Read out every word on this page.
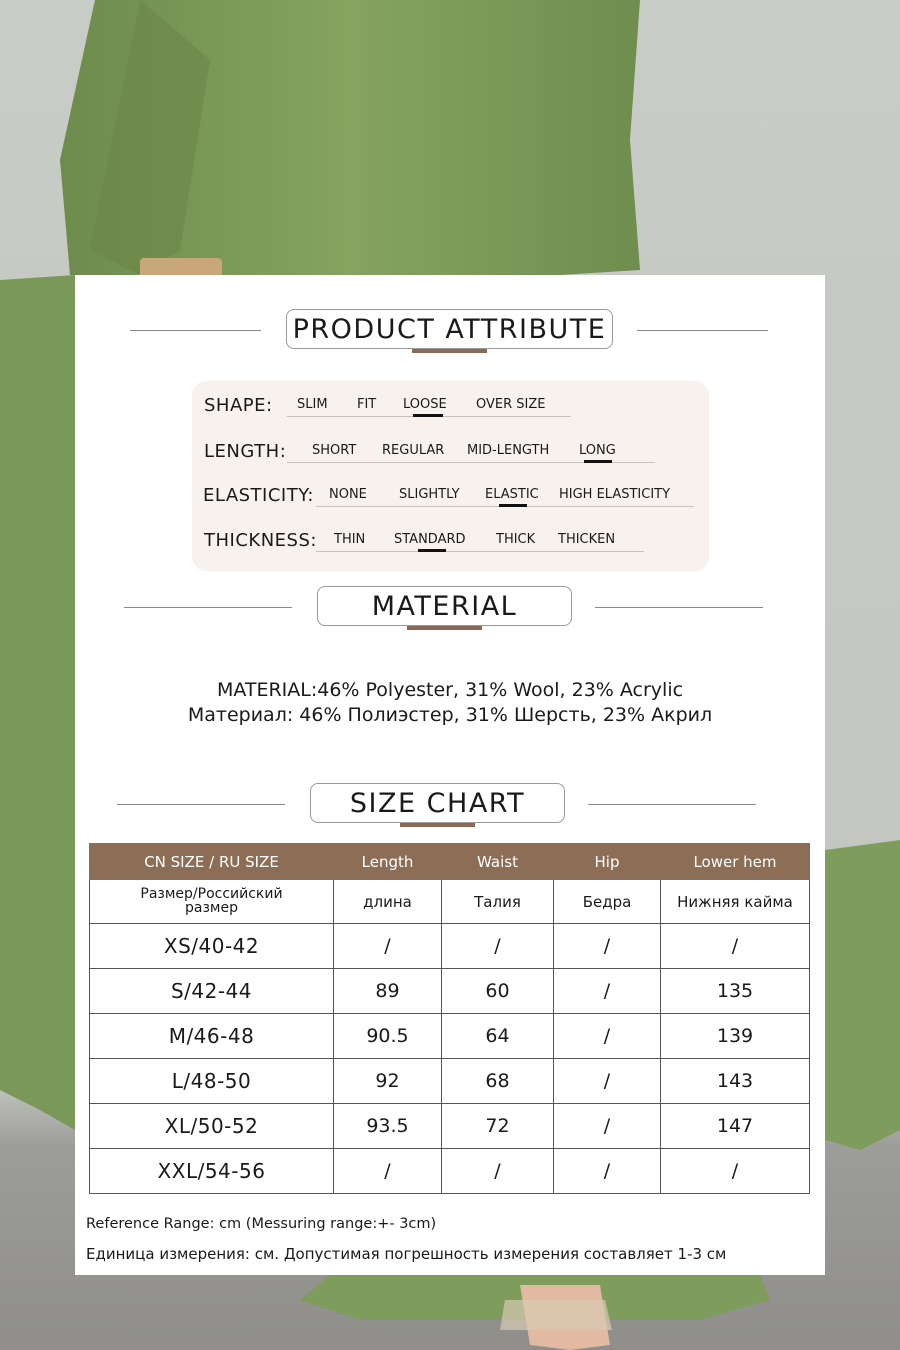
PRODUCT ATTRIBUTE
SHAPE: SLIM FIT LOOSE OVER SIZE
LENGTH: SHORT REGULAR MID-LENGTH LONG
ELASTICITY: NONE SLIGHTLY ELASTIC HIGH ELASTICITY
THICKNESS: THIN STANDARD THICK THICKEN
MATERIAL
MATERIAL:46% Polyester, 31% Wool, 23% Acrylic
Материал: 46% Полиэстер, 31% Шерсть, 23% Акрил
SIZE CHART
CN SIZE / RU SIZE	Length	Waist	Hip	Lower hem
Размер/Российский размер	длина	Талия	Бедра	Нижняя кайма
XS/40-42	/	/	/	/
S/42-44	89	60	/	135
M/46-48	90.5	64	/	139
L/48-50	92	68	/	143
XL/50-52	93.5	72	/	147
XXL/54-56	/	/	/	/
Reference Range: cm (Messuring range:+- 3cm)
Единица измерения: см. Допустимая погрешность измерения составляет 1-3 см
